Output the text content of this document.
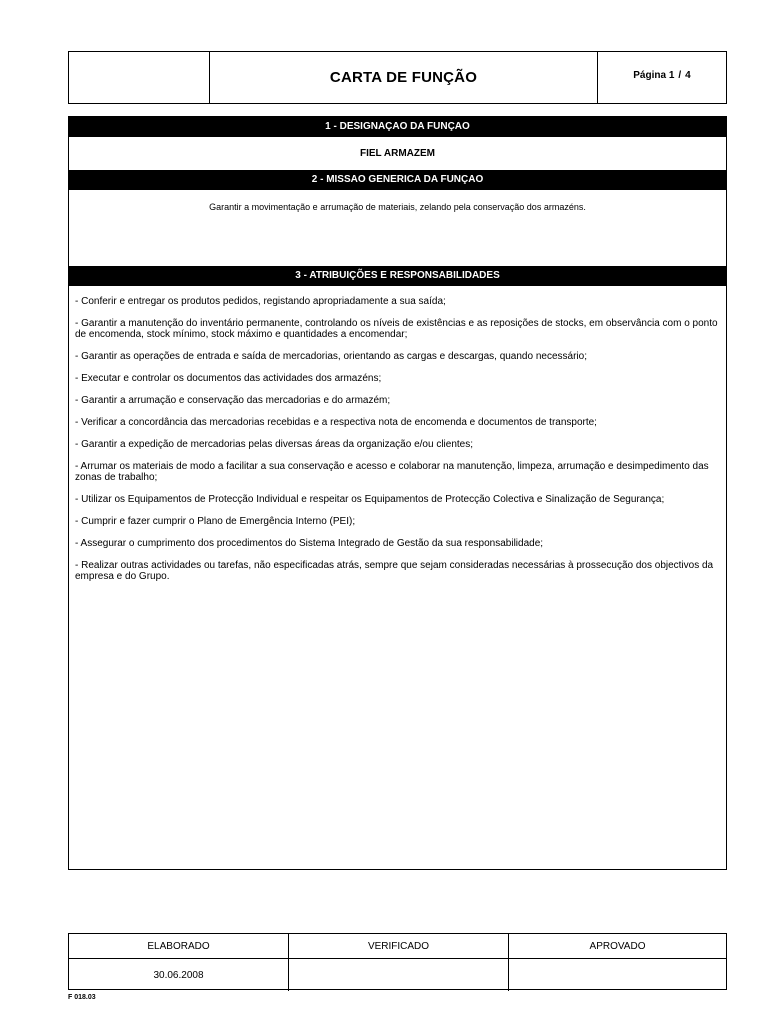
CARTA DE FUNÇÃO	Página 1 / 4
1 - DESIGNAÇAO DA FUNÇAO
FIEL ARMAZEM
2 - MISSAO GENERICA DA FUNÇAO
Garantir a movimentação e arrumação de materiais, zelando pela conservação dos armazéns.
3 - ATRIBUIÇÕES E RESPONSABILIDADES

- Conferir e entregar os produtos pedidos, registando apropriadamente a sua saída;

- Garantir a manutenção do inventário permanente, controlando os níveis de existências e as reposições de stocks, em observância com o ponto de encomenda, stock mínimo, stock máximo e quantidades a encomendar;

- Garantir as operações de entrada e saída de mercadorias, orientando as cargas e descargas, quando necessário;

- Executar e controlar os documentos das actividades dos armazéns;

- Garantir a arrumação e conservação das mercadorias e do armazém;

- Verificar a concordância das mercadorias recebidas e a respectiva nota de encomenda e documentos de transporte;

- Garantir a expedição de mercadorias pelas diversas áreas da organização e/ou clientes;

- Arrumar os materiais de modo a facilitar a sua conservação e acesso e colaborar na manutenção, limpeza, arrumação e desimpedimento das zonas de trabalho;

- Utilizar os Equipamentos de Protecção Individual e respeitar os Equipamentos de Protecção Colectiva e Sinalização de Segurança;

- Cumprir e fazer cumprir o Plano de Emergência Interno (PEI);

- Assegurar o cumprimento dos procedimentos do Sistema Integrado de Gestão da sua responsabilidade;

- Realizar outras actividades ou tarefas, não especificadas atrás, sempre que sejam consideradas necessárias à prossecução dos objectivos da empresa e do Grupo.

ELABORADO	VERIFICADO	APROVADO
30.06.2008
F 018.03
